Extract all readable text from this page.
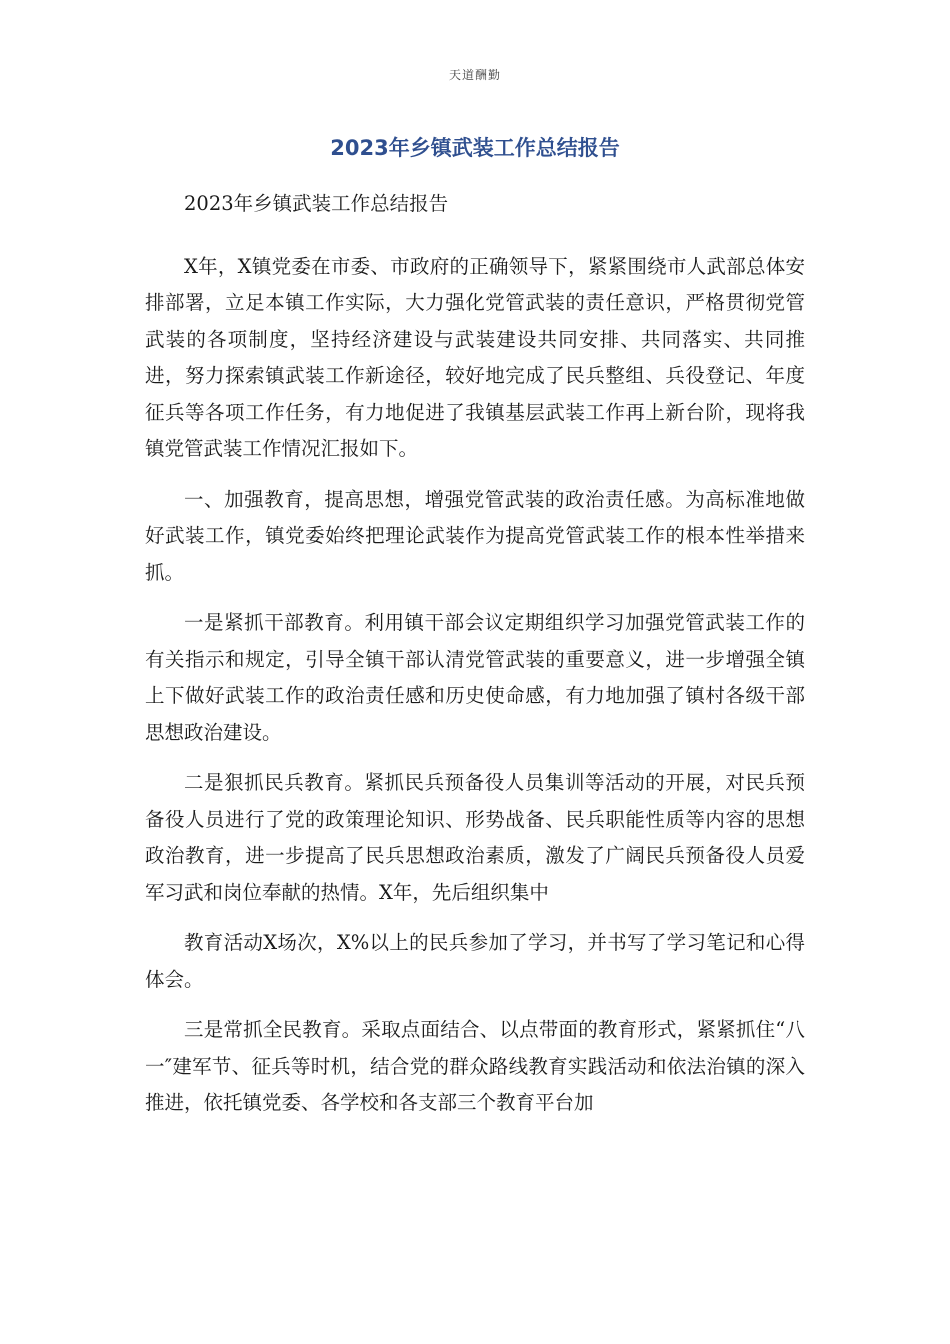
天道酬勤
2023年乡镇武装工作总结报告

2023年乡镇武装工作总结报告

X年，X镇党委在市委、市政府的正确领导下，紧紧围绕市人武部总体安排部署，立足本镇工作实际，大力强化党管武装的责任意识，严格贯彻党管武装的各项制度，坚持经济建设与武装建设共同安排、共同落实、共同推进，努力探索镇武装工作新途径，较好地完成了民兵整组、兵役登记、年度征兵等各项工作任务，有力地促进了我镇基层武装工作再上新台阶，现将我镇党管武装工作情况汇报如下。

一、加强教育，提高思想，增强党管武装的政治责任感。为高标准地做好武装工作，镇党委始终把理论武装作为提高党管武装工作的根本性举措来抓。

一是紧抓干部教育。利用镇干部会议定期组织学习加强党管武装工作的有关指示和规定，引导全镇干部认清党管武装的重要意义，进一步增强全镇上下做好武装工作的政治责任感和历史使命感，有力地加强了镇村各级干部思想政治建设。

二是狠抓民兵教育。紧抓民兵预备役人员集训等活动的开展，对民兵预备役人员进行了党的政策理论知识、形势战备、民兵职能性质等内容的思想政治教育，进一步提高了民兵思想政治素质，激发了广阔民兵预备役人员爱军习武和岗位奉献的热情。X年，先后组织集中

教育活动X场次，X%以上的民兵参加了学习，并书写了学习笔记和心得体会。

三是常抓全民教育。采取点面结合、以点带面的教育形式，紧紧抓住“八一″建军节、征兵等时机，结合党的群众路线教育实践活动和依法治镇的深入推进，依托镇党委、各学校和各支部三个教育平台加
